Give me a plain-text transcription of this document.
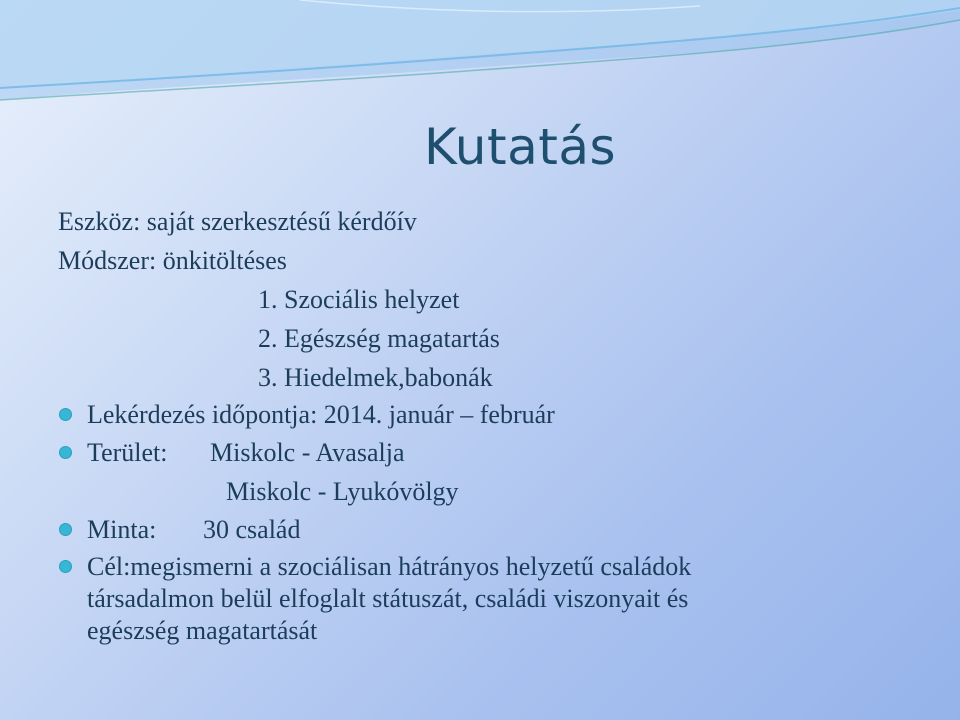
Kutatás
Eszköz: saját szerkesztésű kérdőív
Módszer: önkitöltéses
1. Szociális helyzet
2. Egészség magatartás
3. Hiedelmek,babonák
Lekérdezés időpontja: 2014. január – február
Terület: Miskolc - Avasalja
Miskolc - Lyukóvölgy
Minta: 30 család
Cél:megismerni a szociálisan hátrányos helyzetű családok
társadalmon belül elfoglalt státuszát, családi viszonyait és
egészség magatartását
